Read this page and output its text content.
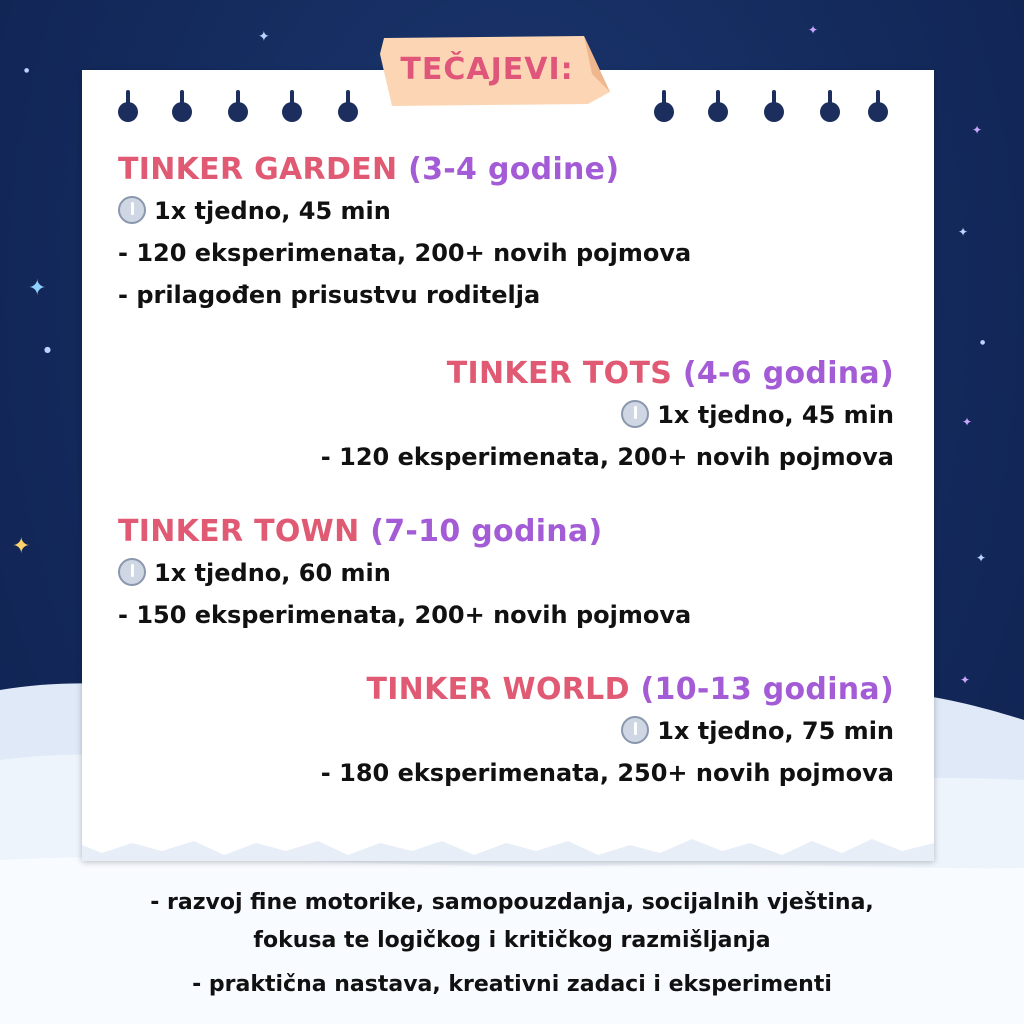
✦	✦
✦
✦
✦
✦
✦	✦
✦
●
●
●
TEČAJEVI:
TINKER GARDEN (3-4 godine)
1x tjedno, 45 min
- 120 eksperimenata, 200+ novih pojmova
- prilagođen prisustvu roditelja
TINKER TOTS (4-6 godina)
1x tjedno, 45 min
- 120 eksperimenata, 200+ novih pojmova
TINKER TOWN (7-10 godina)
1x tjedno, 60 min
- 150 eksperimenata, 200+ novih pojmova
TINKER WORLD (10-13 godina)
1x tjedno, 75 min
- 180 eksperimenata, 250+ novih pojmova
- razvoj fine motorike, samopouzdanja, socijalnih vještina,
fokusa te logičkog i kritičkog razmišljanja
- praktična nastava, kreativni zadaci i eksperimenti
